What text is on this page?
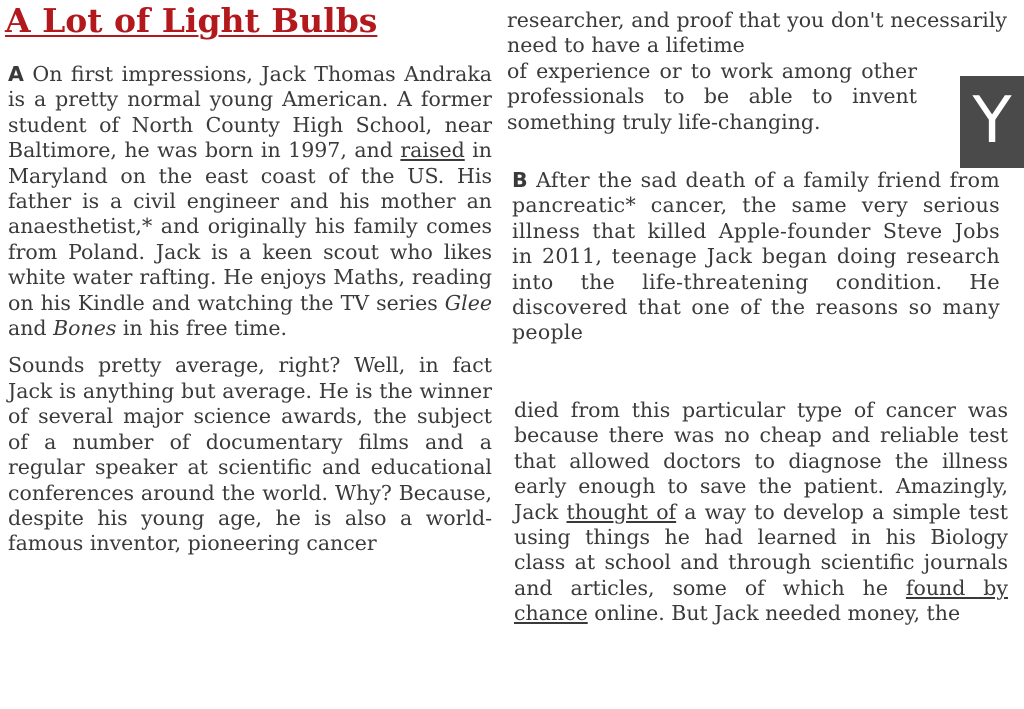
A Lot of Light Bulbs

A On first impressions, Jack Thomas Andraka is a pretty normal young American. A former student of North County High School, near Baltimore, he was born in 1997, and raised in Maryland on the east coast of the US. His father is a civil engineer and his mother an anaesthetist,* and originally his family comes from Poland. Jack is a keen scout who likes white water rafting. He enjoys Maths, reading on his Kindle and watching the TV series Glee and Bones in his free time.

Sounds pretty average, right? Well, in fact Jack is anything but average. He is the winner of several major science awards, the subject of a number of documentary films and a regular speaker at scientific and educational conferences around the world. Why? Because, despite his young age, he is also a world-famous inventor, pioneering cancer

researcher, and proof that you don't necessarily need to have a lifetime
of experience or to work among other professionals to be able to invent something truly life-changing.	Y

B After the sad death of a family friend from pancreatic* cancer, the same very serious illness that killed Apple-founder Steve Jobs in 2011, teenage Jack began doing research into the life-threatening condition. He discovered that one of the reasons so many people

died from this particular type of cancer was because there was no cheap and reliable test that allowed doctors to diagnose the illness early enough to save the patient. Amazingly, Jack thought of a way to develop a simple test using things he had learned in his Biology class at school and through scientific journals and articles, some of which he found by chance online. But Jack needed money, the
